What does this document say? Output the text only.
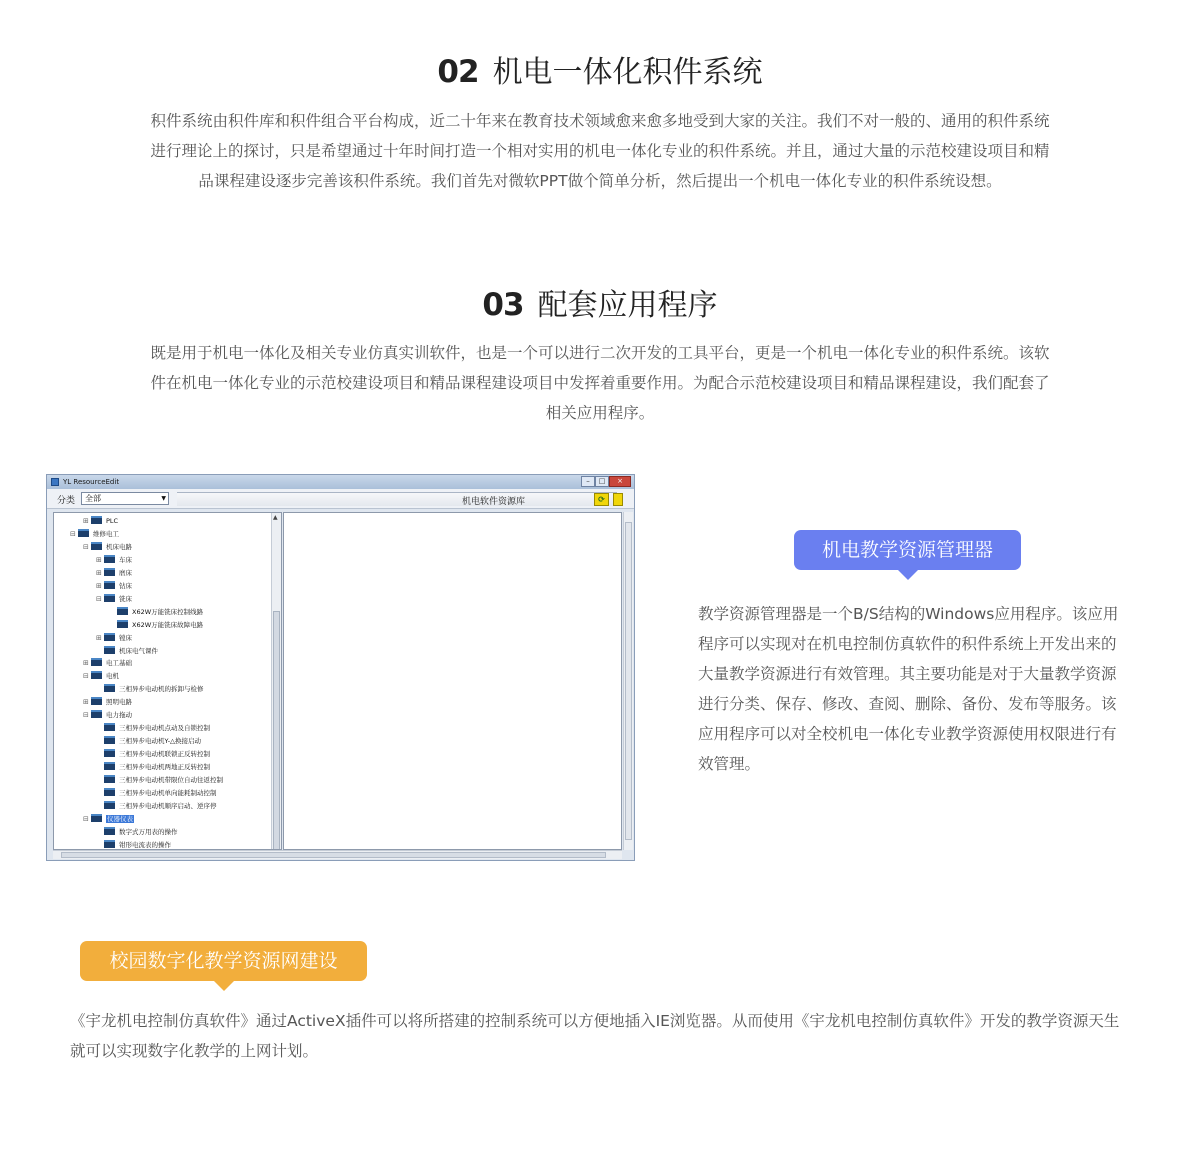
02 机电一体化积件系统
积件系统由积件库和积件组合平台构成，近二十年来在教育技术领域愈来愈多地受到大家的关注。我们不对一般的、通用的积件系统进行理论上的探讨，只是希望通过十年时间打造一个相对实用的机电一体化专业的积件系统。并且，通过大量的示范校建设项目和精品课程建设逐步完善该积件系统。我们首先对微软PPT做个简单分析，然后提出一个机电一体化专业的积件系统设想。
03 配套应用程序
既是用于机电一体化及相关专业仿真实训软件，也是一个可以进行二次开发的工具平台，更是一个机电一体化专业的积件系统。该软件在机电一体化专业的示范校建设项目和精品课程建设项目中发挥着重要作用。为配合示范校建设项目和精品课程建设，我们配套了相关应用程序。
YL ResourceEdit	–	□	×
分类	全部	▼	机电软件资源库	⟳
⊞	PLC
⊟	维修电工
⊟	机床电路
⊞	车床
⊞	磨床
⊞	钻床
⊟	铣床
X62W万能铣床控制线路
X62W万能铣床故障电路
⊞	镗床
机床电气课件
⊞	电工基础
⊟	电机
三相异步电动机的拆卸与检修
⊞	照明电路
⊟	电力拖动
三相异步电动机点动及自锁控制
三相异步电动机Y-△换接启动
三相异步电动机联锁正反转控制
三相异步电动机两地正反转控制
三相异步电动机带限位自动往返控制
三相异步电动机单向能耗制动控制
三相异步电动机顺序启动、逆序停
⊟	仪器仪表
数字式万用表的操作
钳形电流表的操作
▲
机电教学资源管理器
教学资源管理器是一个B/S结构的Windows应用程序。该应用程序可以实现对在机电控制仿真软件的积件系统上开发出来的大量教学资源进行有效管理。其主要功能是对于大量教学资源进行分类、保存、修改、查阅、删除、备份、发布等服务。该应用程序可以对全校机电一体化专业教学资源使用权限进行有效管理。
校园数字化教学资源网建设
《宇龙机电控制仿真软件》通过ActiveX插件可以将所搭建的控制系统可以方便地插入IE浏览器。从而使用《宇龙机电控制仿真软件》开发的教学资源天生就可以实现数字化教学的上网计划。
